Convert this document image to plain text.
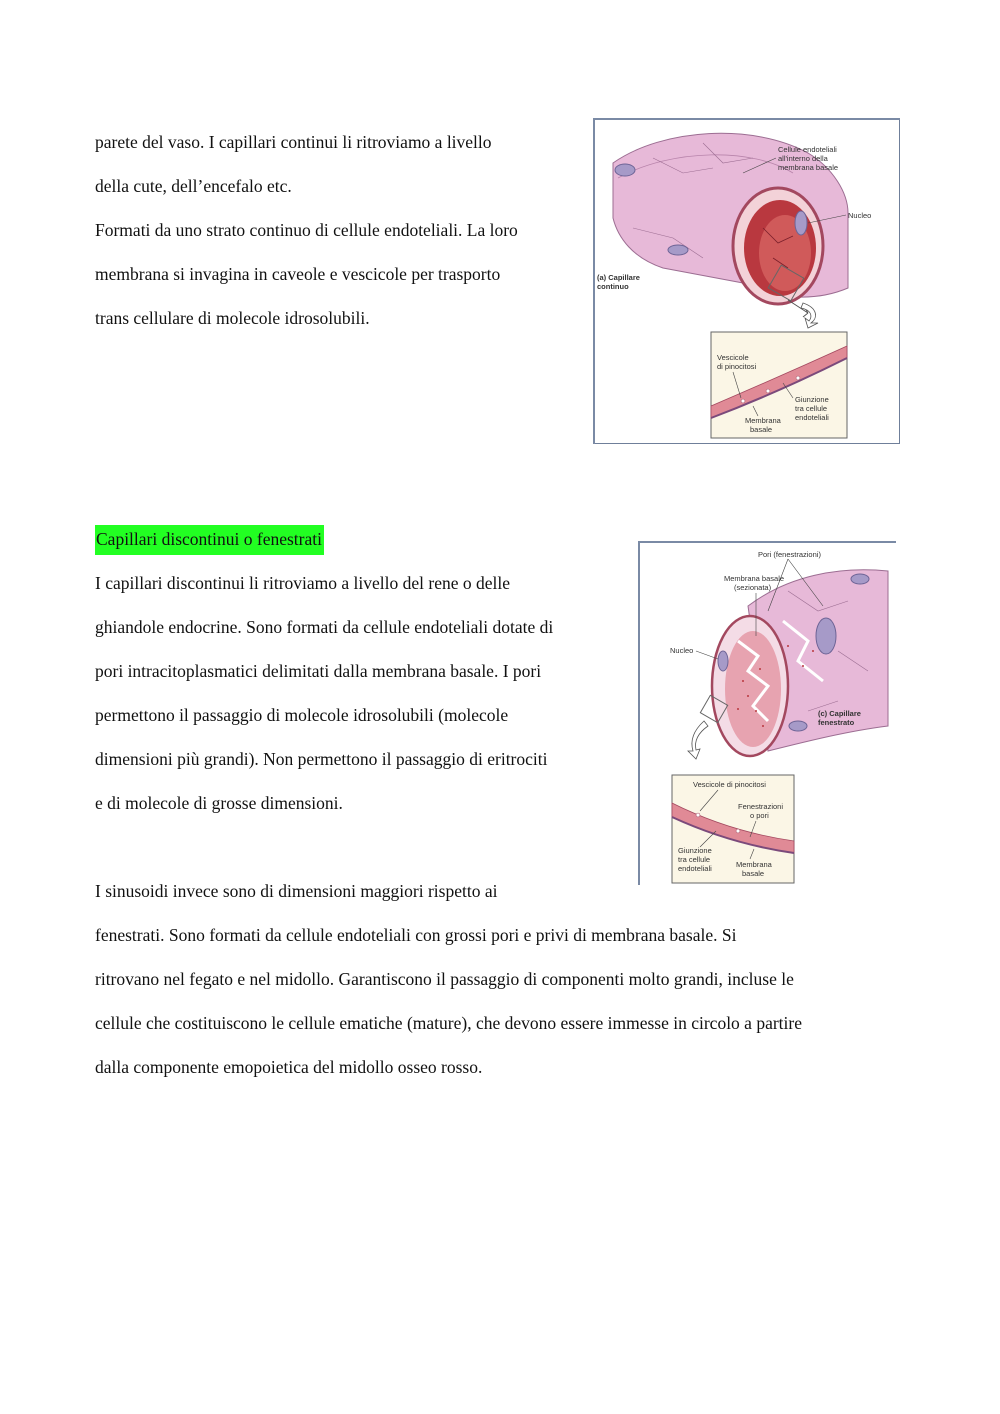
parete del vaso. I capillari continui li ritroviamo a livello
della cute, dell’encefalo etc.
Formati da uno strato continuo di cellule endoteliali. La loro
membrana si invagina in caveole e vescicole per trasporto
trans cellulare di molecole idrosolubili.
Cellule endoteliali
all'interno della
membrana basale
Nucleo
(a) Capillare
continuo
Vescicole
di pinocitosi
Giunzione
tra cellule
endoteliali
Membrana
basale
Capillari discontinui o fenestrati
I capillari discontinui li ritroviamo a livello del rene o delle
ghiandole endocrine. Sono formati da cellule endoteliali dotate di
pori intracitoplasmatici delimitati dalla membrana basale. I pori
permettono il passaggio di molecole idrosolubili (molecole
dimensioni più grandi). Non permettono il passaggio di eritrociti
e di molecole di grosse dimensioni.
Pori (fenestrazioni)
Membrana basale
(sezionata)
Nucleo
(c) Capillare
fenestrato
Vescicole di pinocitosi
Fenestrazioni
o pori
Giunzione
tra cellule
endoteliali	Membrana
basale
I sinusoidi invece sono di dimensioni maggiori rispetto ai
fenestrati. Sono formati da cellule endoteliali con grossi pori e privi di membrana basale. Si
ritrovano nel fegato e nel midollo. Garantiscono il passaggio di componenti molto grandi, incluse le
cellule che costituiscono le cellule ematiche (mature), che devono essere immesse in circolo a partire
dalla componente emopoietica del midollo osseo rosso.
